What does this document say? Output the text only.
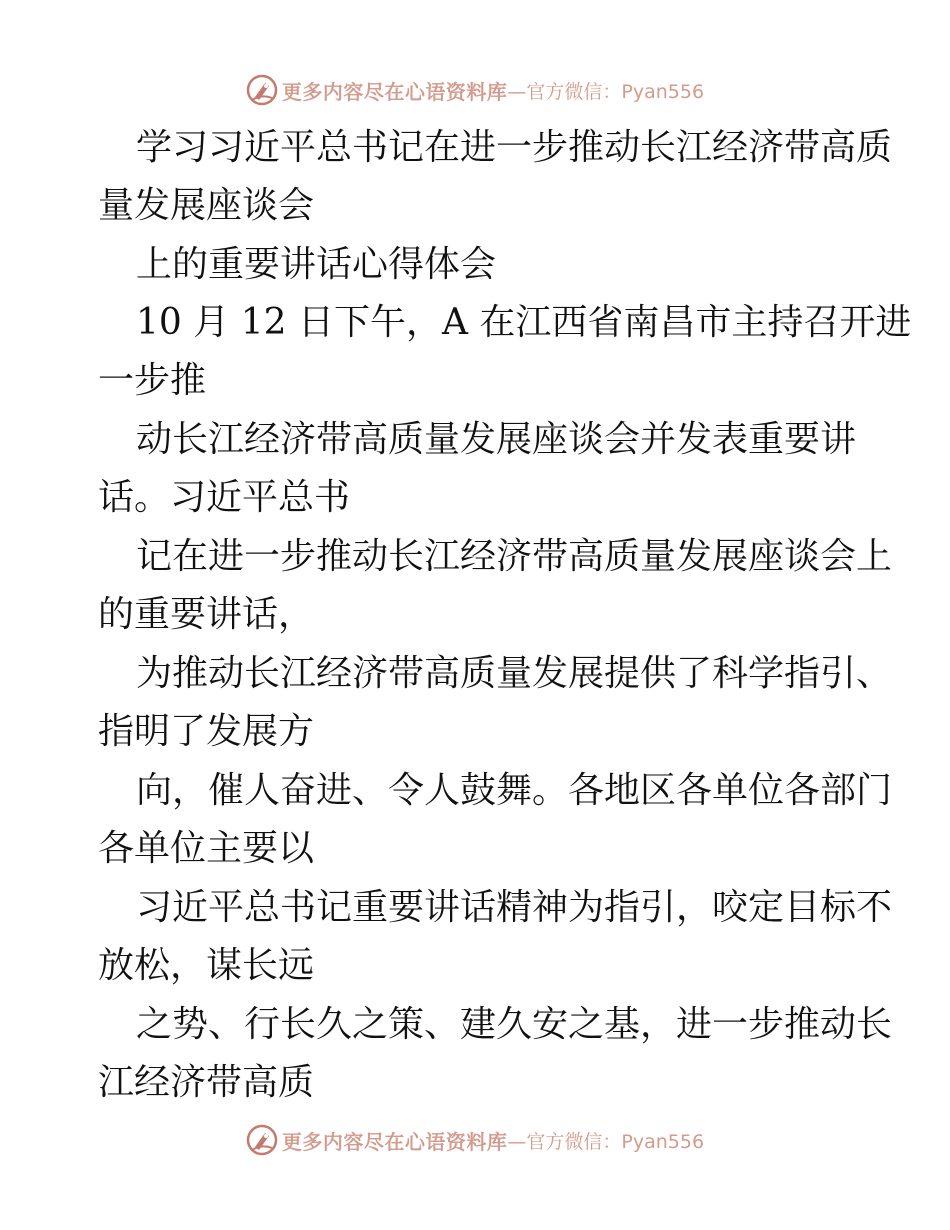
更多内容尽在心语资料库 —官方微信：Pyan556
学习习近平总书记在进一步推动长江经济带高质
量发展座谈会
上的重要讲话心得体会
10 月 12 日下午，A 在江西省南昌市主持召开进
一步推
动长江经济带高质量发展座谈会并发表重要讲
话。习近平总书
记在进一步推动长江经济带高质量发展座谈会上
的重要讲话，
为推动长江经济带高质量发展提供了科学指引、
指明了发展方
向，催人奋进、令人鼓舞。各地区各单位各部门
各单位主要以
习近平总书记重要讲话精神为指引，咬定目标不
放松，谋长远
之势、行长久之策、建久安之基，进一步推动长
江经济带高质
更多内容尽在心语资料库 —官方微信：Pyan556
